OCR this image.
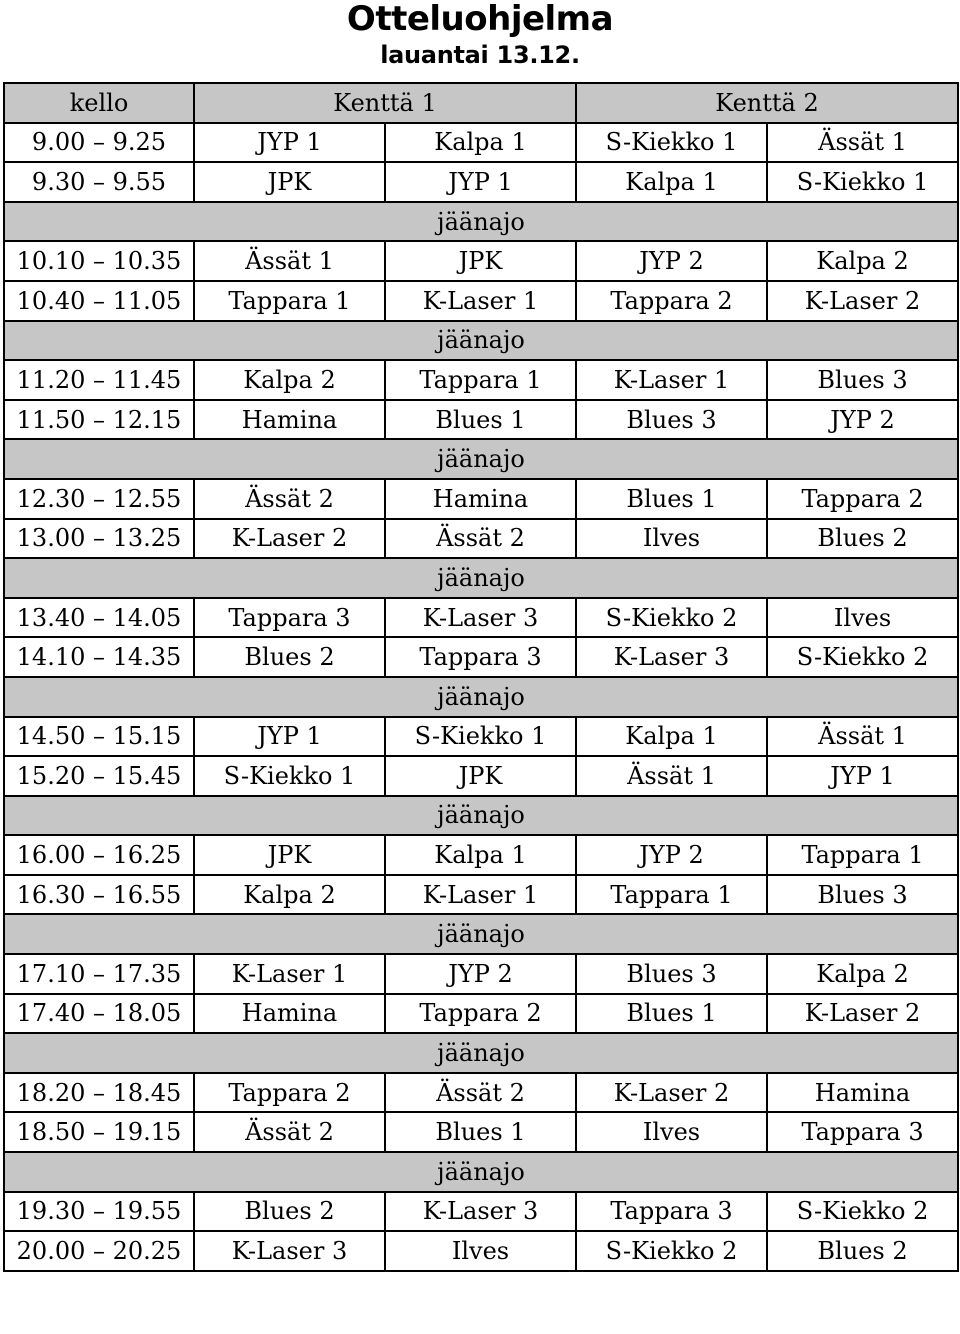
Otteluohjelma
lauantai 13.12.
kello	Kenttä 1		Kenttä 2	
9.00 – 9.25	JYP 1	Kalpa 1	S-Kiekko 1	Ässät 1
9.30 – 9.55	JPK	JYP 1	Kalpa 1	S-Kiekko 1
jäänajo				
10.10 – 10.35	Ässät 1	JPK	JYP 2	Kalpa 2
10.40 – 11.05	Tappara 1	K-Laser 1	Tappara 2	K-Laser 2
jäänajo				
11.20 – 11.45	Kalpa 2	Tappara 1	K-Laser 1	Blues 3
11.50 – 12.15	Hamina	Blues 1	Blues 3	JYP 2
jäänajo				
12.30 – 12.55	Ässät 2	Hamina	Blues 1	Tappara 2
13.00 – 13.25	K-Laser 2	Ässät 2	Ilves	Blues 2
jäänajo				
13.40 – 14.05	Tappara 3	K-Laser 3	S-Kiekko 2	Ilves
14.10 – 14.35	Blues 2	Tappara 3	K-Laser 3	S-Kiekko 2
jäänajo				
14.50 – 15.15	JYP 1	S-Kiekko 1	Kalpa 1	Ässät 1
15.20 – 15.45	S-Kiekko 1	JPK	Ässät 1	JYP 1
jäänajo				
16.00 – 16.25	JPK	Kalpa 1	JYP 2	Tappara 1
16.30 – 16.55	Kalpa 2	K-Laser 1	Tappara 1	Blues 3
jäänajo				
17.10 – 17.35	K-Laser 1	JYP 2	Blues 3	Kalpa 2
17.40 – 18.05	Hamina	Tappara 2	Blues 1	K-Laser 2
jäänajo				
18.20 – 18.45	Tappara 2	Ässät 2	K-Laser 2	Hamina
18.50 – 19.15	Ässät 2	Blues 1	Ilves	Tappara 3
jäänajo				
19.30 – 19.55	Blues 2	K-Laser 3	Tappara 3	S-Kiekko 2
20.00 – 20.25	K-Laser 3	Ilves	S-Kiekko 2	Blues 2
